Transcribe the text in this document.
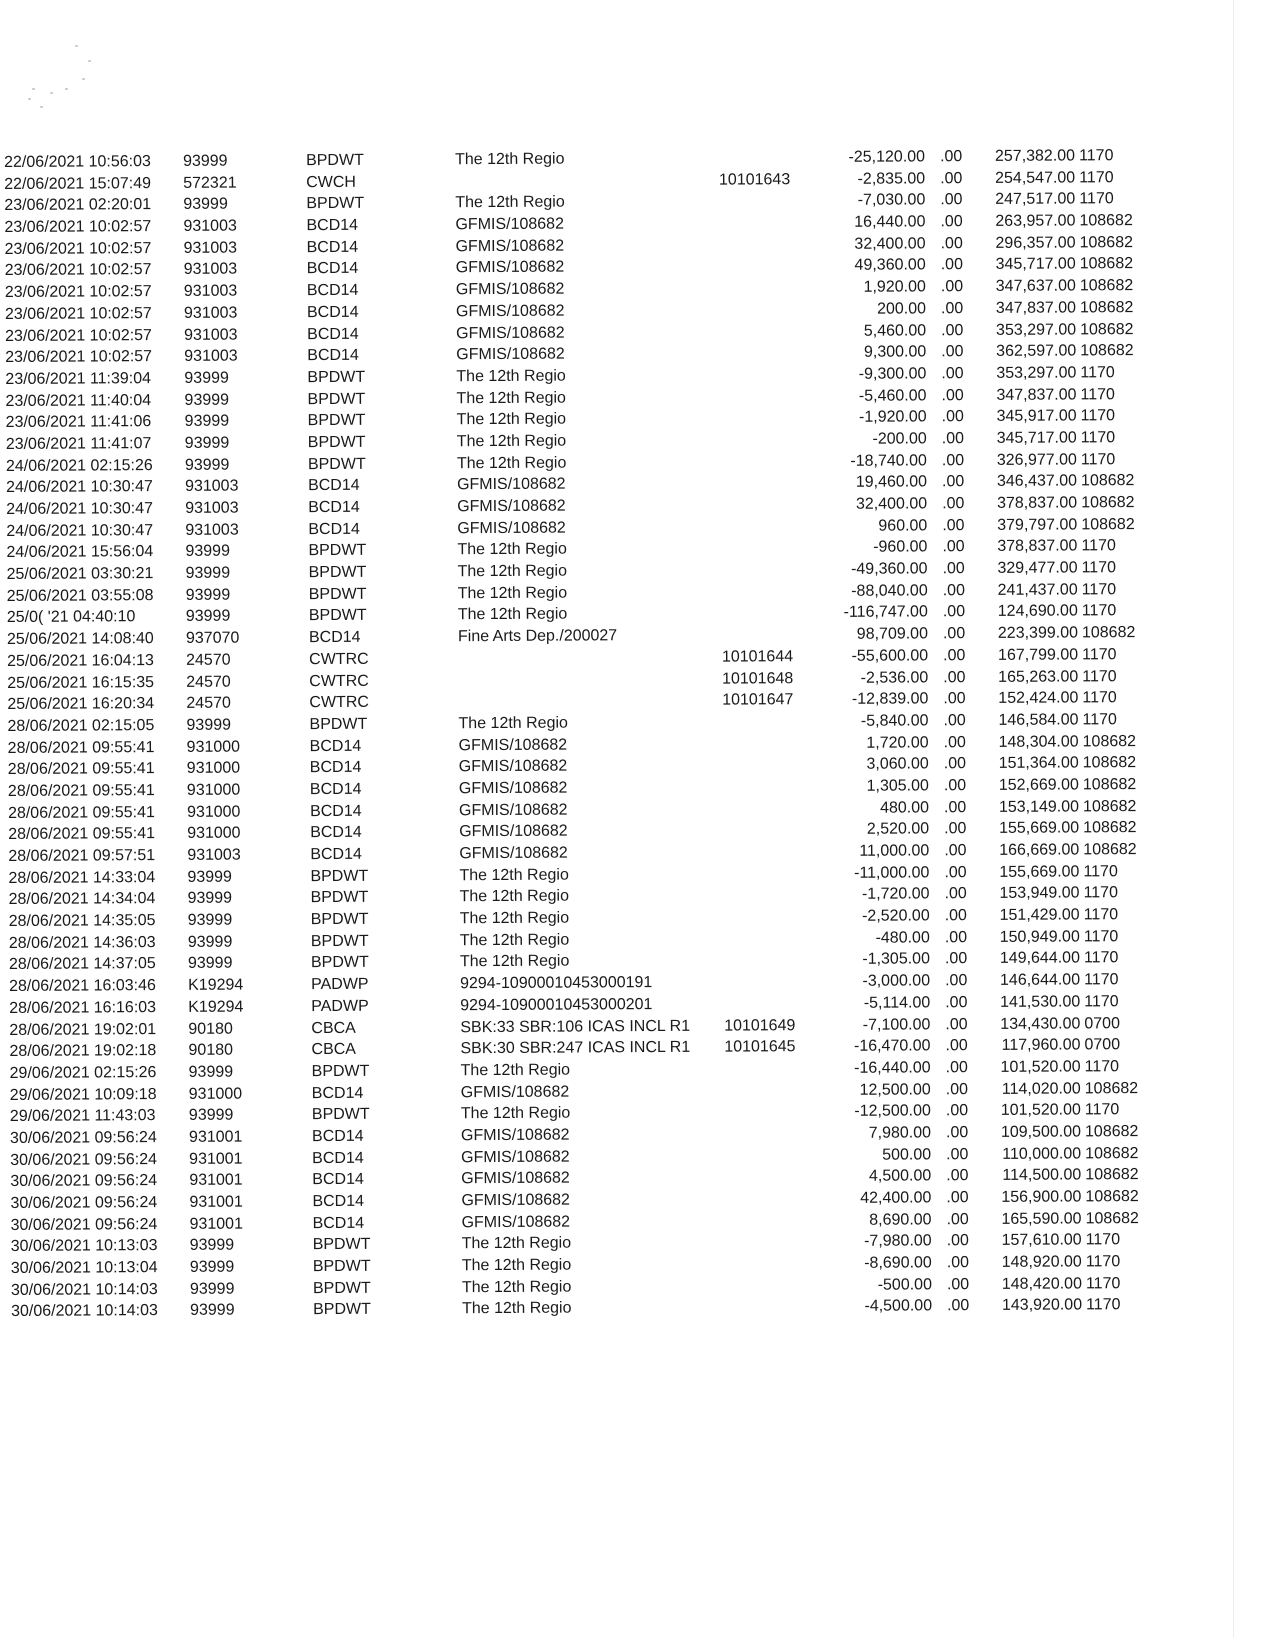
22/06/2021 10:56:03 93999	BPDWT	The 12th Regio	-25,120.00 .00	257,382.00 1170
22/06/2021 15:07:49 572321	CWCH	10101643	-2,835.00 .00	254,547.00 1170
23/06/2021 02:20:01 93999	BPDWT	The 12th Regio	-7,030.00 .00	247,517.00 1170
23/06/2021 10:02:57 931003	BCD14	GFMIS/108682	16,440.00 .00	263,957.00 108682
23/06/2021 10:02:57 931003	BCD14	GFMIS/108682	32,400.00 .00	296,357.00 108682
23/06/2021 10:02:57 931003	BCD14	GFMIS/108682	49,360.00 .00	345,717.00 108682
23/06/2021 10:02:57 931003	BCD14	GFMIS/108682	1,920.00 .00	347,637.00 108682
23/06/2021 10:02:57 931003	BCD14	GFMIS/108682	200.00 .00	347,837.00 108682
23/06/2021 10:02:57 931003	BCD14	GFMIS/108682	5,460.00 .00	353,297.00 108682
23/06/2021 10:02:57 931003	BCD14	GFMIS/108682	9,300.00 .00	362,597.00 108682
23/06/2021 11:39:04 93999	BPDWT	The 12th Regio	-9,300.00 .00	353,297.00 1170
23/06/2021 11:40:04 93999	BPDWT	The 12th Regio	-5,460.00 .00	347,837.00 1170
23/06/2021 11:41:06 93999	BPDWT	The 12th Regio	-1,920.00 .00	345,917.00 1170
23/06/2021 11:41:07 93999	BPDWT	The 12th Regio	-200.00 .00	345,717.00 1170
24/06/2021 02:15:26 93999	BPDWT	The 12th Regio	-18,740.00 .00	326,977.00 1170
24/06/2021 10:30:47 931003	BCD14	GFMIS/108682	19,460.00 .00	346,437.00 108682
24/06/2021 10:30:47 931003	BCD14	GFMIS/108682	32,400.00 .00	378,837.00 108682
24/06/2021 10:30:47 931003	BCD14	GFMIS/108682	960.00 .00	379,797.00 108682
24/06/2021 15:56:04 93999	BPDWT	The 12th Regio	-960.00 .00	378,837.00 1170
25/06/2021 03:30:21 93999	BPDWT	The 12th Regio	-49,360.00 .00	329,477.00 1170
25/06/2021 03:55:08 93999	BPDWT	The 12th Regio	-88,040.00 .00	241,437.00 1170
25/0( '21 04:40:10	93999	BPDWT	The 12th Regio	-116,747.00 .00	124,690.00 1170
25/06/2021 14:08:40 937070	BCD14	Fine Arts Dep./200027	98,709.00 .00	223,399.00 108682
25/06/2021 16:04:13 24570	CWTRC	10101644	-55,600.00 .00	167,799.00 1170
25/06/2021 16:15:35 24570	CWTRC	10101648	-2,536.00 .00	165,263.00 1170
25/06/2021 16:20:34 24570	CWTRC	10101647	-12,839.00 .00	152,424.00 1170
28/06/2021 02:15:05 93999	BPDWT	The 12th Regio	-5,840.00 .00	146,584.00 1170
28/06/2021 09:55:41 931000	BCD14	GFMIS/108682	1,720.00 .00	148,304.00 108682
28/06/2021 09:55:41 931000	BCD14	GFMIS/108682	3,060.00 .00	151,364.00 108682
28/06/2021 09:55:41 931000	BCD14	GFMIS/108682	1,305.00 .00	152,669.00 108682
28/06/2021 09:55:41 931000	BCD14	GFMIS/108682	480.00 .00	153,149.00 108682
28/06/2021 09:55:41 931000	BCD14	GFMIS/108682	2,520.00 .00	155,669.00 108682
28/06/2021 09:57:51 931003	BCD14	GFMIS/108682	11,000.00 .00	166,669.00 108682
28/06/2021 14:33:04 93999	BPDWT	The 12th Regio	-11,000.00 .00	155,669.00 1170
28/06/2021 14:34:04 93999	BPDWT	The 12th Regio	-1,720.00 .00	153,949.00 1170
28/06/2021 14:35:05 93999	BPDWT	The 12th Regio	-2,520.00 .00	151,429.00 1170
28/06/2021 14:36:03 93999	BPDWT	The 12th Regio	-480.00 .00	150,949.00 1170
28/06/2021 14:37:05 93999	BPDWT	The 12th Regio	-1,305.00 .00	149,644.00 1170
28/06/2021 16:03:46 K19294	PADWP	9294-10900010453000191	-3,000.00 .00	146,644.00 1170
28/06/2021 16:16:03 K19294	PADWP	9294-10900010453000201	-5,114.00 .00	141,530.00 1170
28/06/2021 19:02:01 90180	CBCA	SBK:33 SBR:106 ICAS INCL R1	10101649	-7,100.00 .00	134,430.00 0700
28/06/2021 19:02:18 90180	CBCA	SBK:30 SBR:247 ICAS INCL R1	10101645	-16,470.00 .00	117,960.00 0700
29/06/2021 02:15:26 93999	BPDWT	The 12th Regio	-16,440.00 .00	101,520.00 1170
29/06/2021 10:09:18 931000	BCD14	GFMIS/108682	12,500.00 .00	114,020.00 108682
29/06/2021 11:43:03 93999	BPDWT	The 12th Regio	-12,500.00 .00	101,520.00 1170
30/06/2021 09:56:24 931001	BCD14	GFMIS/108682	7,980.00 .00	109,500.00 108682
30/06/2021 09:56:24 931001	BCD14	GFMIS/108682	500.00 .00	110,000.00 108682
30/06/2021 09:56:24 931001	BCD14	GFMIS/108682	4,500.00 .00	114,500.00 108682
30/06/2021 09:56:24 931001	BCD14	GFMIS/108682	42,400.00 .00	156,900.00 108682
30/06/2021 09:56:24 931001	BCD14	GFMIS/108682	8,690.00 .00	165,590.00 108682
30/06/2021 10:13:03 93999	BPDWT	The 12th Regio	-7,980.00 .00	157,610.00 1170
30/06/2021 10:13:04 93999	BPDWT	The 12th Regio	-8,690.00 .00	148,920.00 1170
30/06/2021 10:14:03 93999	BPDWT	The 12th Regio	-500.00 .00	148,420.00 1170
30/06/2021 10:14:03 93999	BPDWT	The 12th Regio	-4,500.00 .00	143,920.00 1170
